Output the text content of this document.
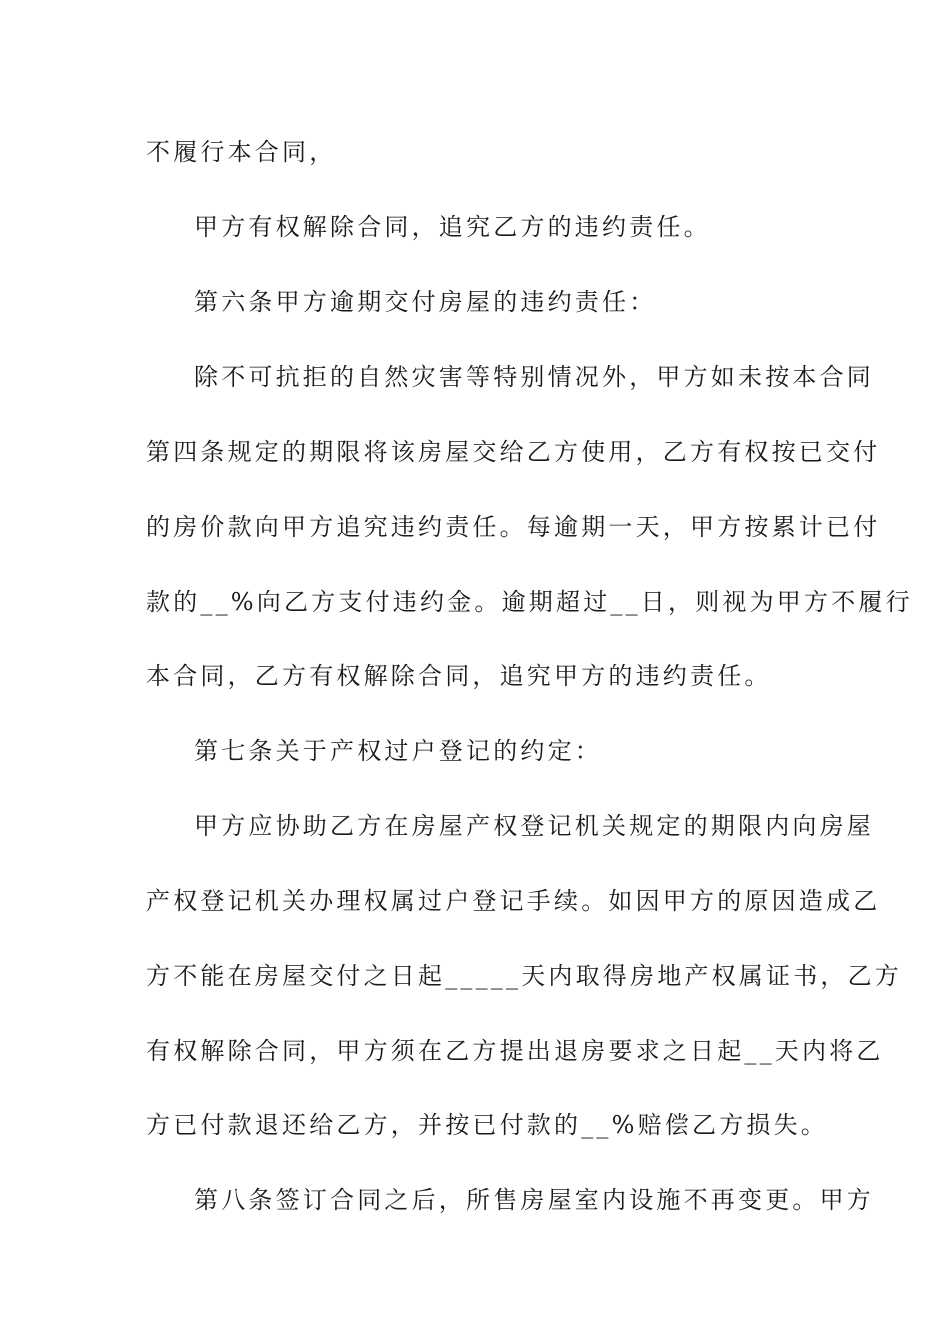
不履行本合同，
甲方有权解除合同，追究乙方的违约责任。
第六条甲方逾期交付房屋的违约责任：
除不可抗拒的自然灾害等特别情况外，甲方如未按本合同
第四条规定的期限将该房屋交给乙方使用，乙方有权按已交付
的房价款向甲方追究违约责任。每逾期一天，甲方按累计已付
款的__%向乙方支付违约金。逾期超过__日，则视为甲方不履行
本合同，乙方有权解除合同，追究甲方的违约责任。
第七条关于产权过户登记的约定：
甲方应协助乙方在房屋产权登记机关规定的期限内向房屋
产权登记机关办理权属过户登记手续。如因甲方的原因造成乙
方不能在房屋交付之日起_____天内取得房地产权属证书，乙方
有权解除合同，甲方须在乙方提出退房要求之日起__天内将乙
方已付款退还给乙方，并按已付款的__%赔偿乙方损失。
第八条签订合同之后，所售房屋室内设施不再变更。甲方
